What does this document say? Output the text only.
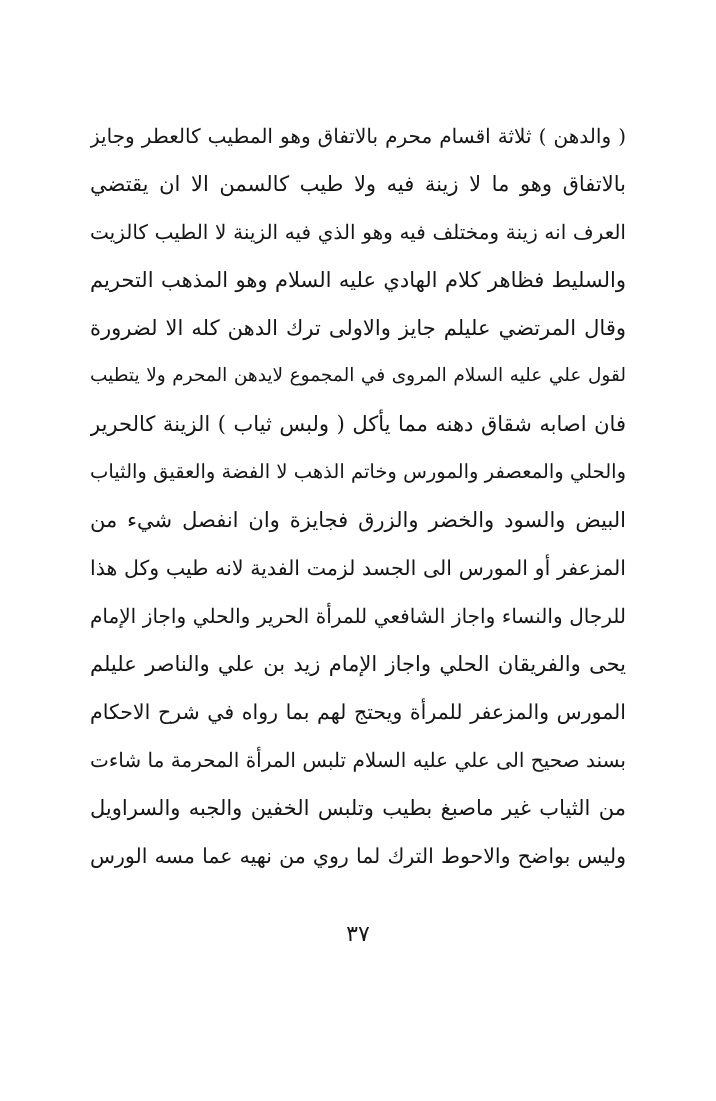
( والدهن ) ثلاثة اقسام محرم بالاتفاق وهو المطيب كالعطر وجايز
بالاتفاق وهو ما لا زينة فيه ولا طيب كالسمن الا ان يقتضي
العرف انه زينة ومختلف فيه وهو الذي فيه الزينة لا الطيب كالزيت
والسليط فظاهر كلام الهادي عليه السلام وهو المذهب التحريم
وقال المرتضي عليلم جايز والاولى ترك الدهن كله الا لضرورة
لقول علي عليه السلام المروى في المجموع لايدهن المحرم ولا يتطيب
فان اصابه شقاق دهنه مما يأكل ( ولبس ثياب ) الزينة كالحرير
والحلي والمعصفر والمورس وخاتم الذهب لا الفضة والعقيق والثياب
البيض والسود والخضر والزرق فجايزة وان انفصل شيء من
المزعفر أو المورس الى الجسد لزمت الفدية لانه طيب وكل هذا
للرجال والنساء واجاز الشافعي للمرأة الحرير والحلي واجاز الإمام
يحى والفريقان الحلي واجاز الإمام زيد بن علي والناصر عليلم
المورس والمزعفر للمرأة ويحتج لهم بما رواه في شرح الاحكام
بسند صحيح الى علي عليه السلام تلبس المرأة المحرمة ما شاءت
من الثياب غير ماصبغ بطيب وتلبس الخفين والجبه والسراويل
وليس بواضح والاحوط الترك لما روي من نهيه عما مسه الورس
٣٧
